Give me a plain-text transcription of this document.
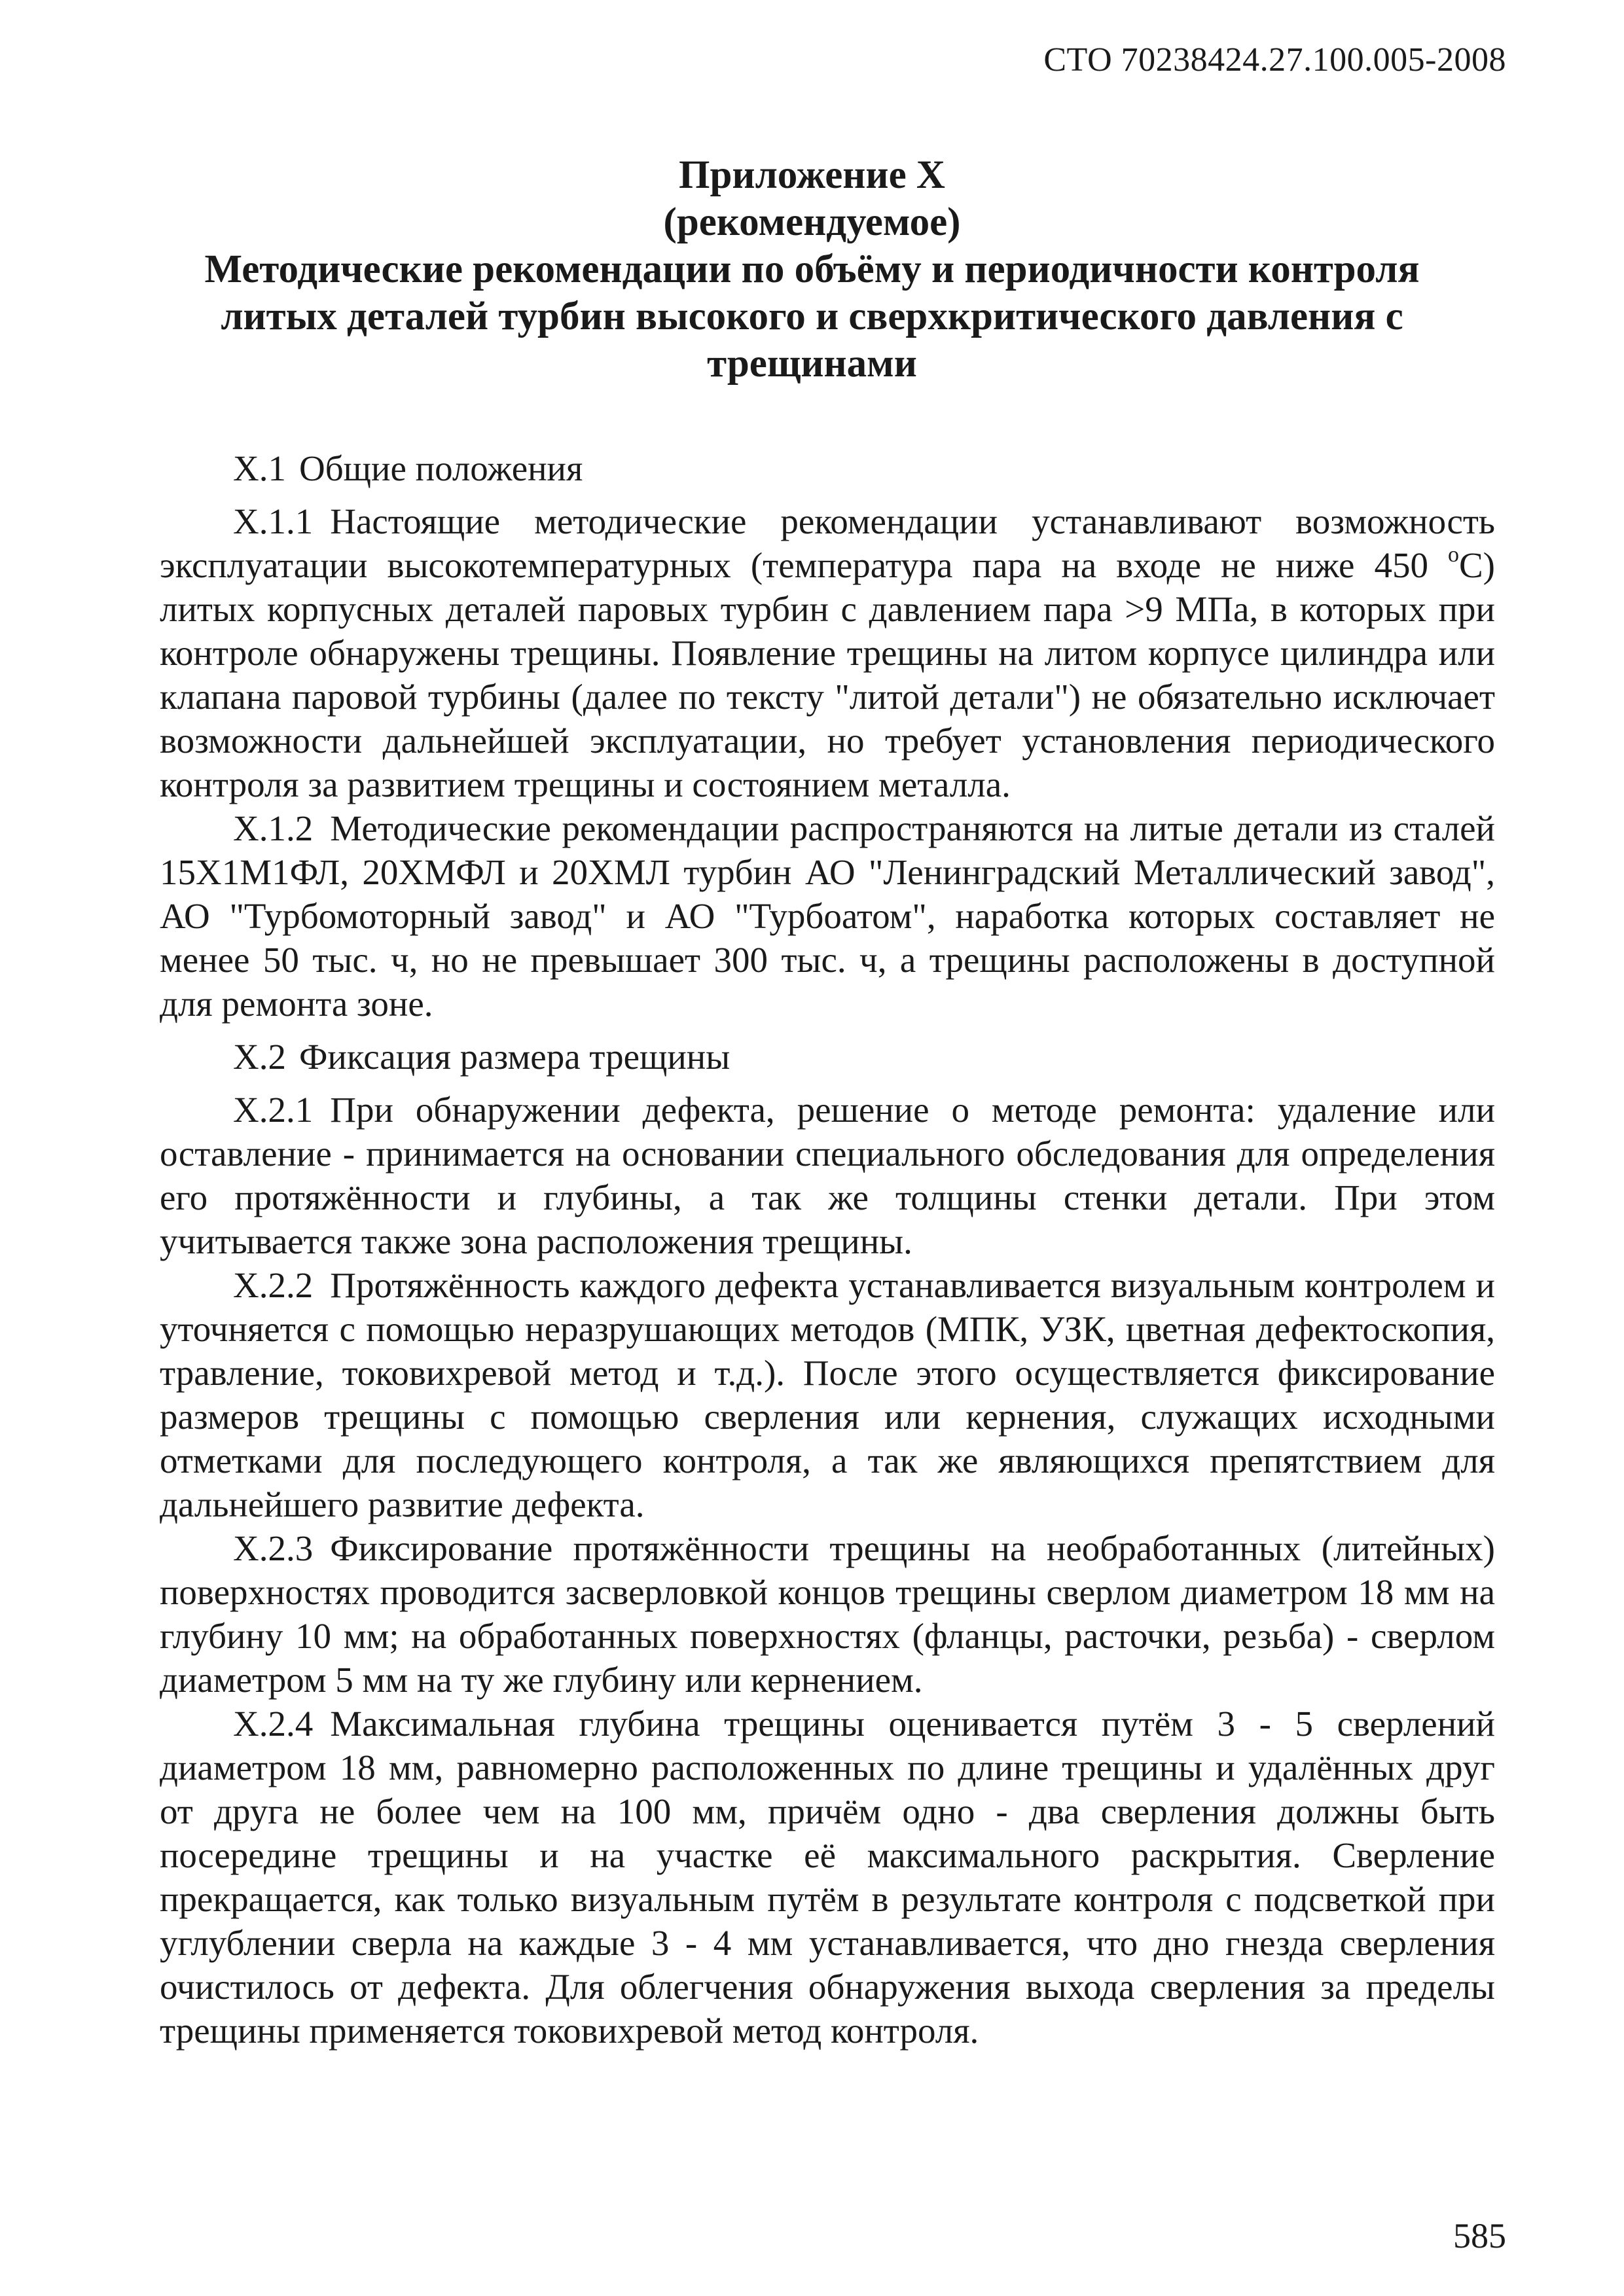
СТО 70238424.27.100.005-2008
Приложение Х
(рекомендуемое)
Методические рекомендации по объёму и периодичности контроля
литых деталей турбин высокого и сверхкритического давления с
трещинами
Х.1 Общие положения

Х.1.1 Настоящие методические рекомендации устанавливают возможность эксплуатации высокотемпературных (температура пара на входе не ниже 450 $^о$С) литых корпусных деталей паровых турбин с давлением пара >9 МПа, в которых при контроле обнаружены трещины. Появление трещины на литом корпусе цилиндра или клапана паровой турбины (далее по тексту "литой детали") не обязательно исключает возможности дальнейшей эксплуатации, но требует установления периодического контроля за развитием трещины и состоянием металла.

Х.1.2 Методические рекомендации распространяются на литые детали из сталей 15Х1М1ФЛ, 20ХМФЛ и 20ХМЛ турбин АО "Ленинградский Металлический завод", АО "Турбомоторный завод" и АО "Турбоатом", наработка которых составляет не менее 50 тыс. ч, но не превышает 300 тыс. ч, а трещины расположены в доступной для ремонта зоне.

Х.2 Фиксация размера трещины

Х.2.1 При обнаружении дефекта, решение о методе ремонта: удаление или оставление - принимается на основании специального обследования для определения его протяжённости и глубины, а так же толщины стенки детали. При этом учитывается также зона расположения трещины.

Х.2.2 Протяжённость каждого дефекта устанавливается визуальным контролем и уточняется с помощью неразрушающих методов (МПК, УЗК, цветная дефектоскопия, травление, токовихревой метод и т.д.). После этого осуществляется фиксирование размеров трещины с помощью сверления или кернения, служащих исходными отметками для последующего контроля, а так же являющихся препятствием для дальнейшего развитие дефекта.

Х.2.3 Фиксирование протяжённости трещины на необработанных (литейных) поверхностях проводится засверловкой концов трещины сверлом диаметром 18 мм на глубину 10 мм; на обработанных поверхностях (фланцы, расточки, резьба) - сверлом диаметром 5 мм на ту же глубину или кернением.

Х.2.4 Максимальная глубина трещины оценивается путём 3 - 5 сверлений диаметром 18 мм, равномерно расположенных по длине трещины и удалённых друг от друга не более чем на 100 мм, причём одно - два сверления должны быть посередине трещины и на участке её максимального раскрытия. Сверление прекращается, как только визуальным путём в результате контроля с подсветкой при углублении сверла на каждые 3 - 4 мм устанавливается, что дно гнезда сверления очистилось от дефекта. Для облегчения обнаружения выхода сверления за пределы трещины применяется токовихревой метод контроля.

585
